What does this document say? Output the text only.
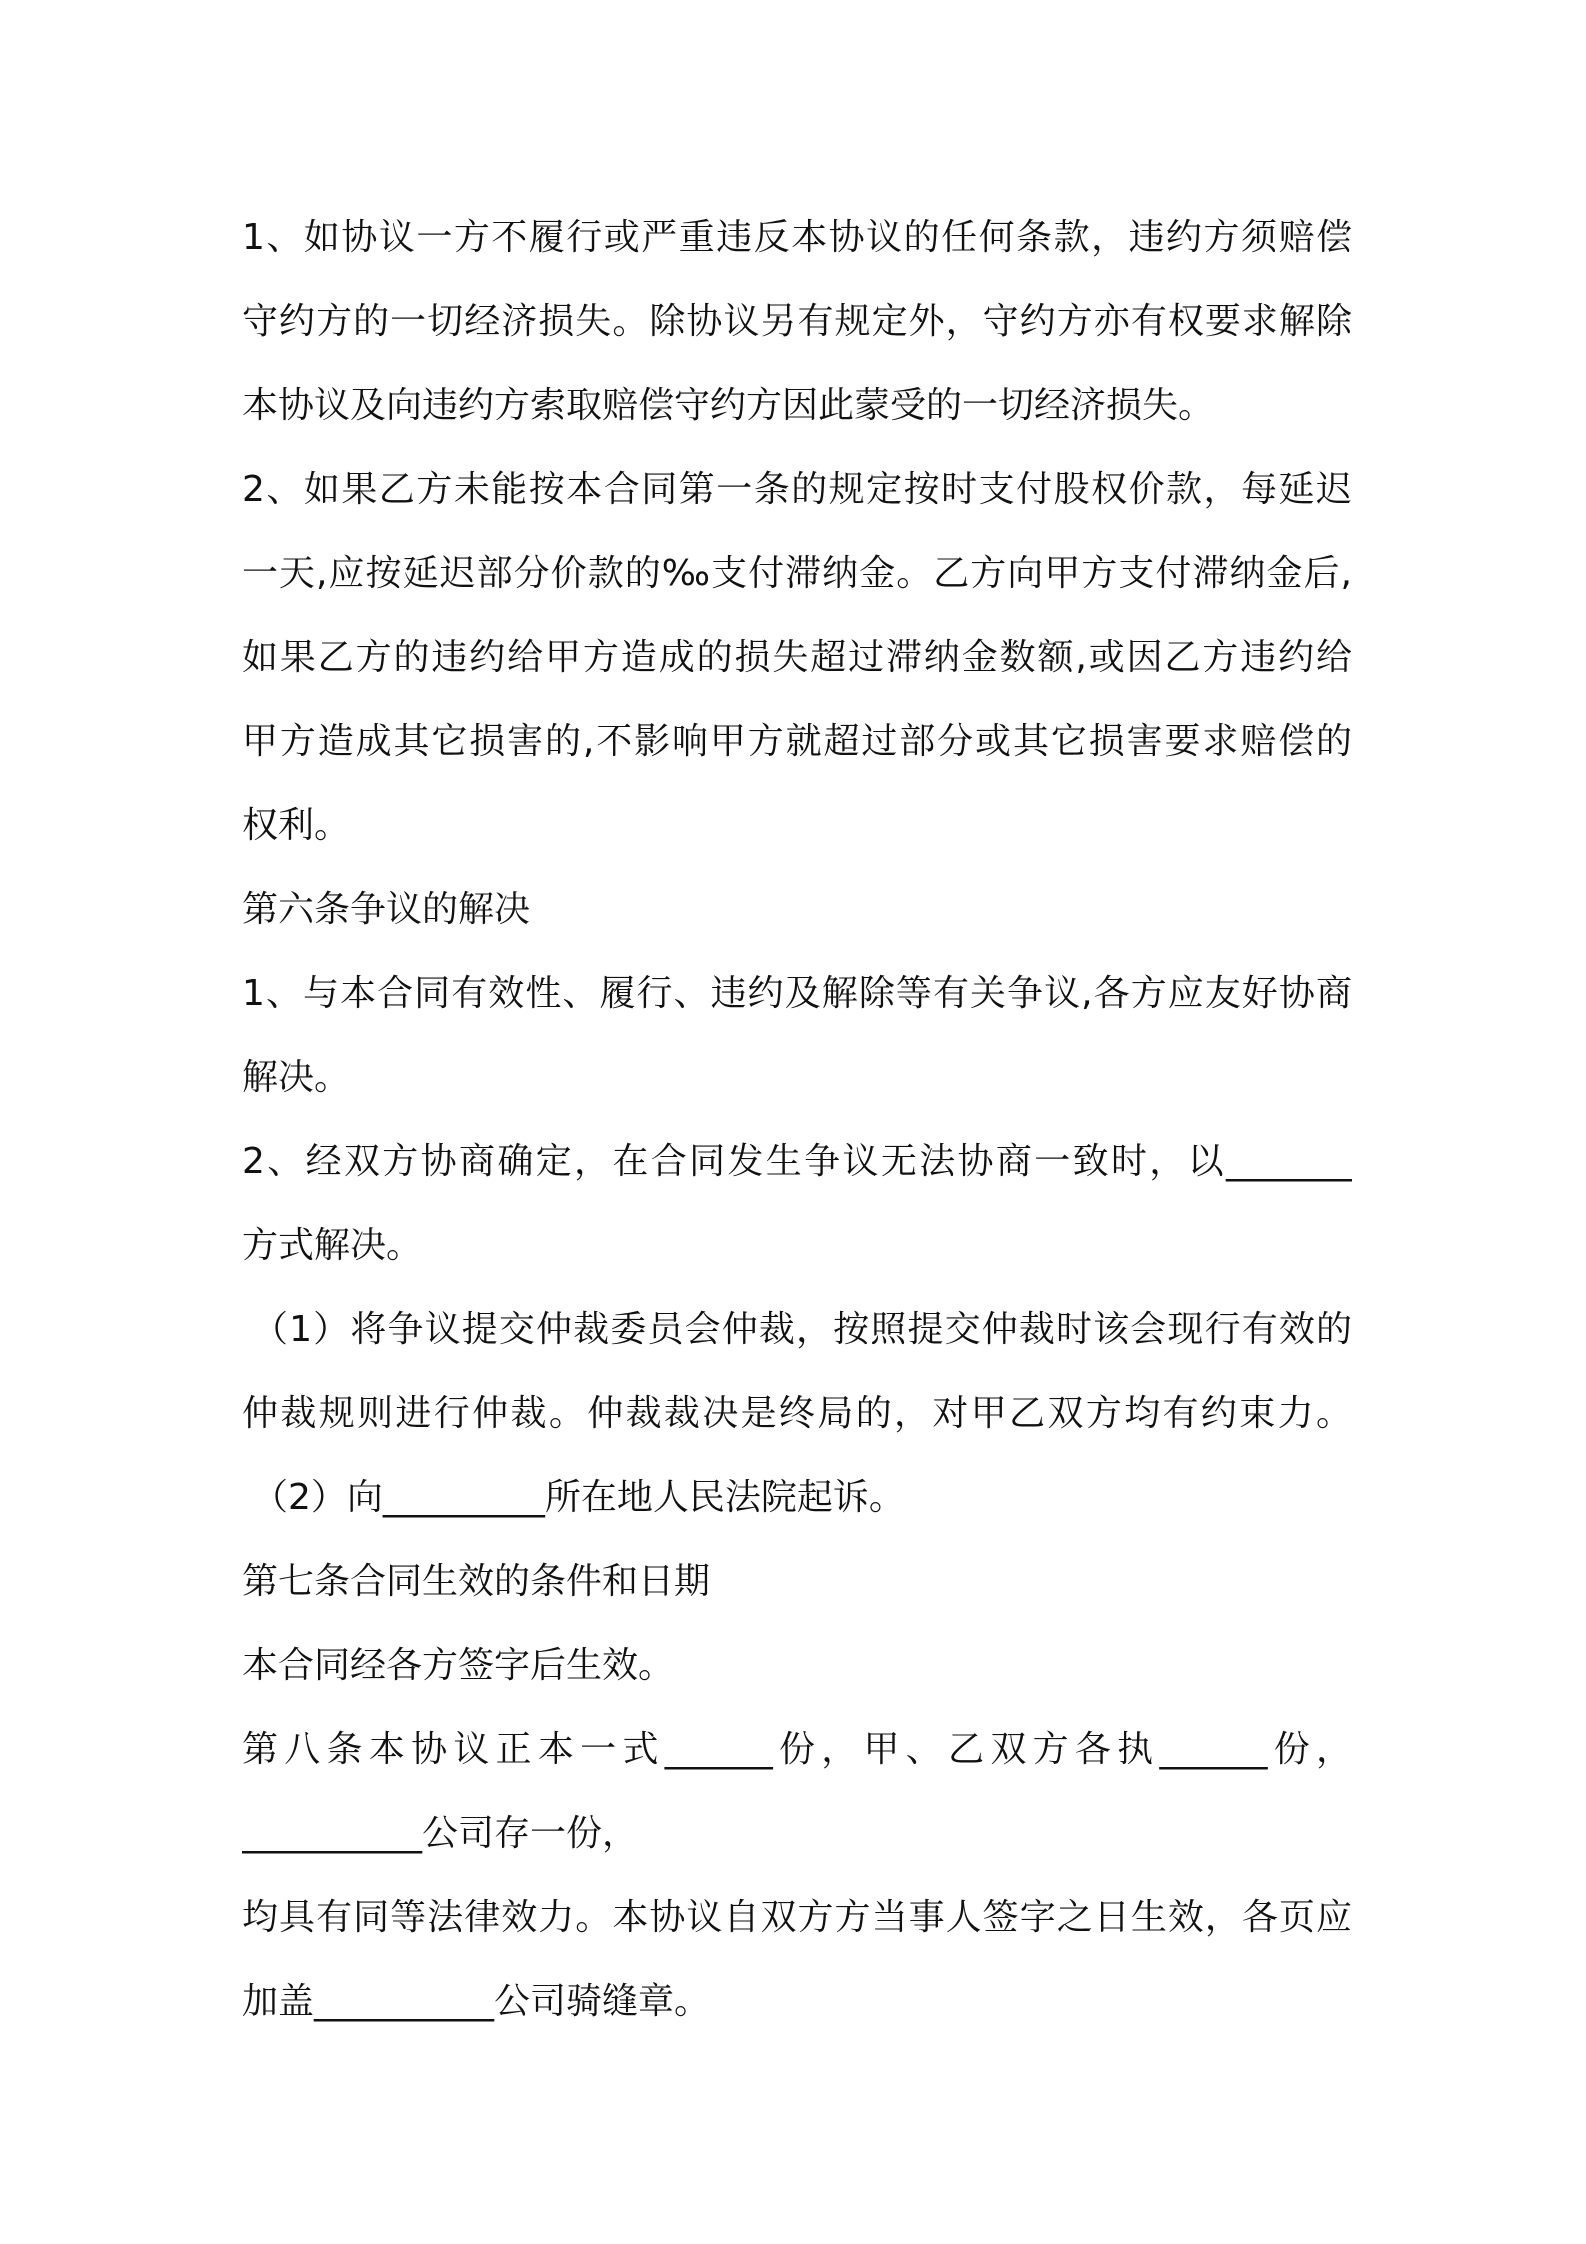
1、如协议一方不履行或严重违反本协议的任何条款，违约方须赔偿
守约方的一切经济损失。除协议另有规定外，守约方亦有权要求解除
本协议及向违约方索取赔偿守约方因此蒙受的一切经济损失。
2、如果乙方未能按本合同第一条的规定按时支付股权价款，每延迟
一天,应按延迟部分价款的‰支付滞纳金。乙方向甲方支付滞纳金后,
如果乙方的违约给甲方造成的损失超过滞纳金数额,或因乙方违约给
甲方造成其它损害的,不影响甲方就超过部分或其它损害要求赔偿的
权利。
第六条争议的解决
1、与本合同有效性、履行、违约及解除等有关争议,各方应友好协商
解决。
2、经双方协商确定，在合同发生争议无法协商一致时，以_______
方式解决。
（1）将争议提交仲裁委员会仲裁，按照提交仲裁时该会现行有效的
仲裁规则进行仲裁。仲裁裁决是终局的，对甲乙双方均有约束力。
（2）向_________所在地人民法院起诉。
第七条合同生效的条件和日期
本合同经各方签字后生效。
第八条本协议正本一式______份，甲、乙双方各执______份，
__________公司存一份，
均具有同等法律效力。本协议自双方方当事人签字之日生效，各页应
加盖__________公司骑缝章。
